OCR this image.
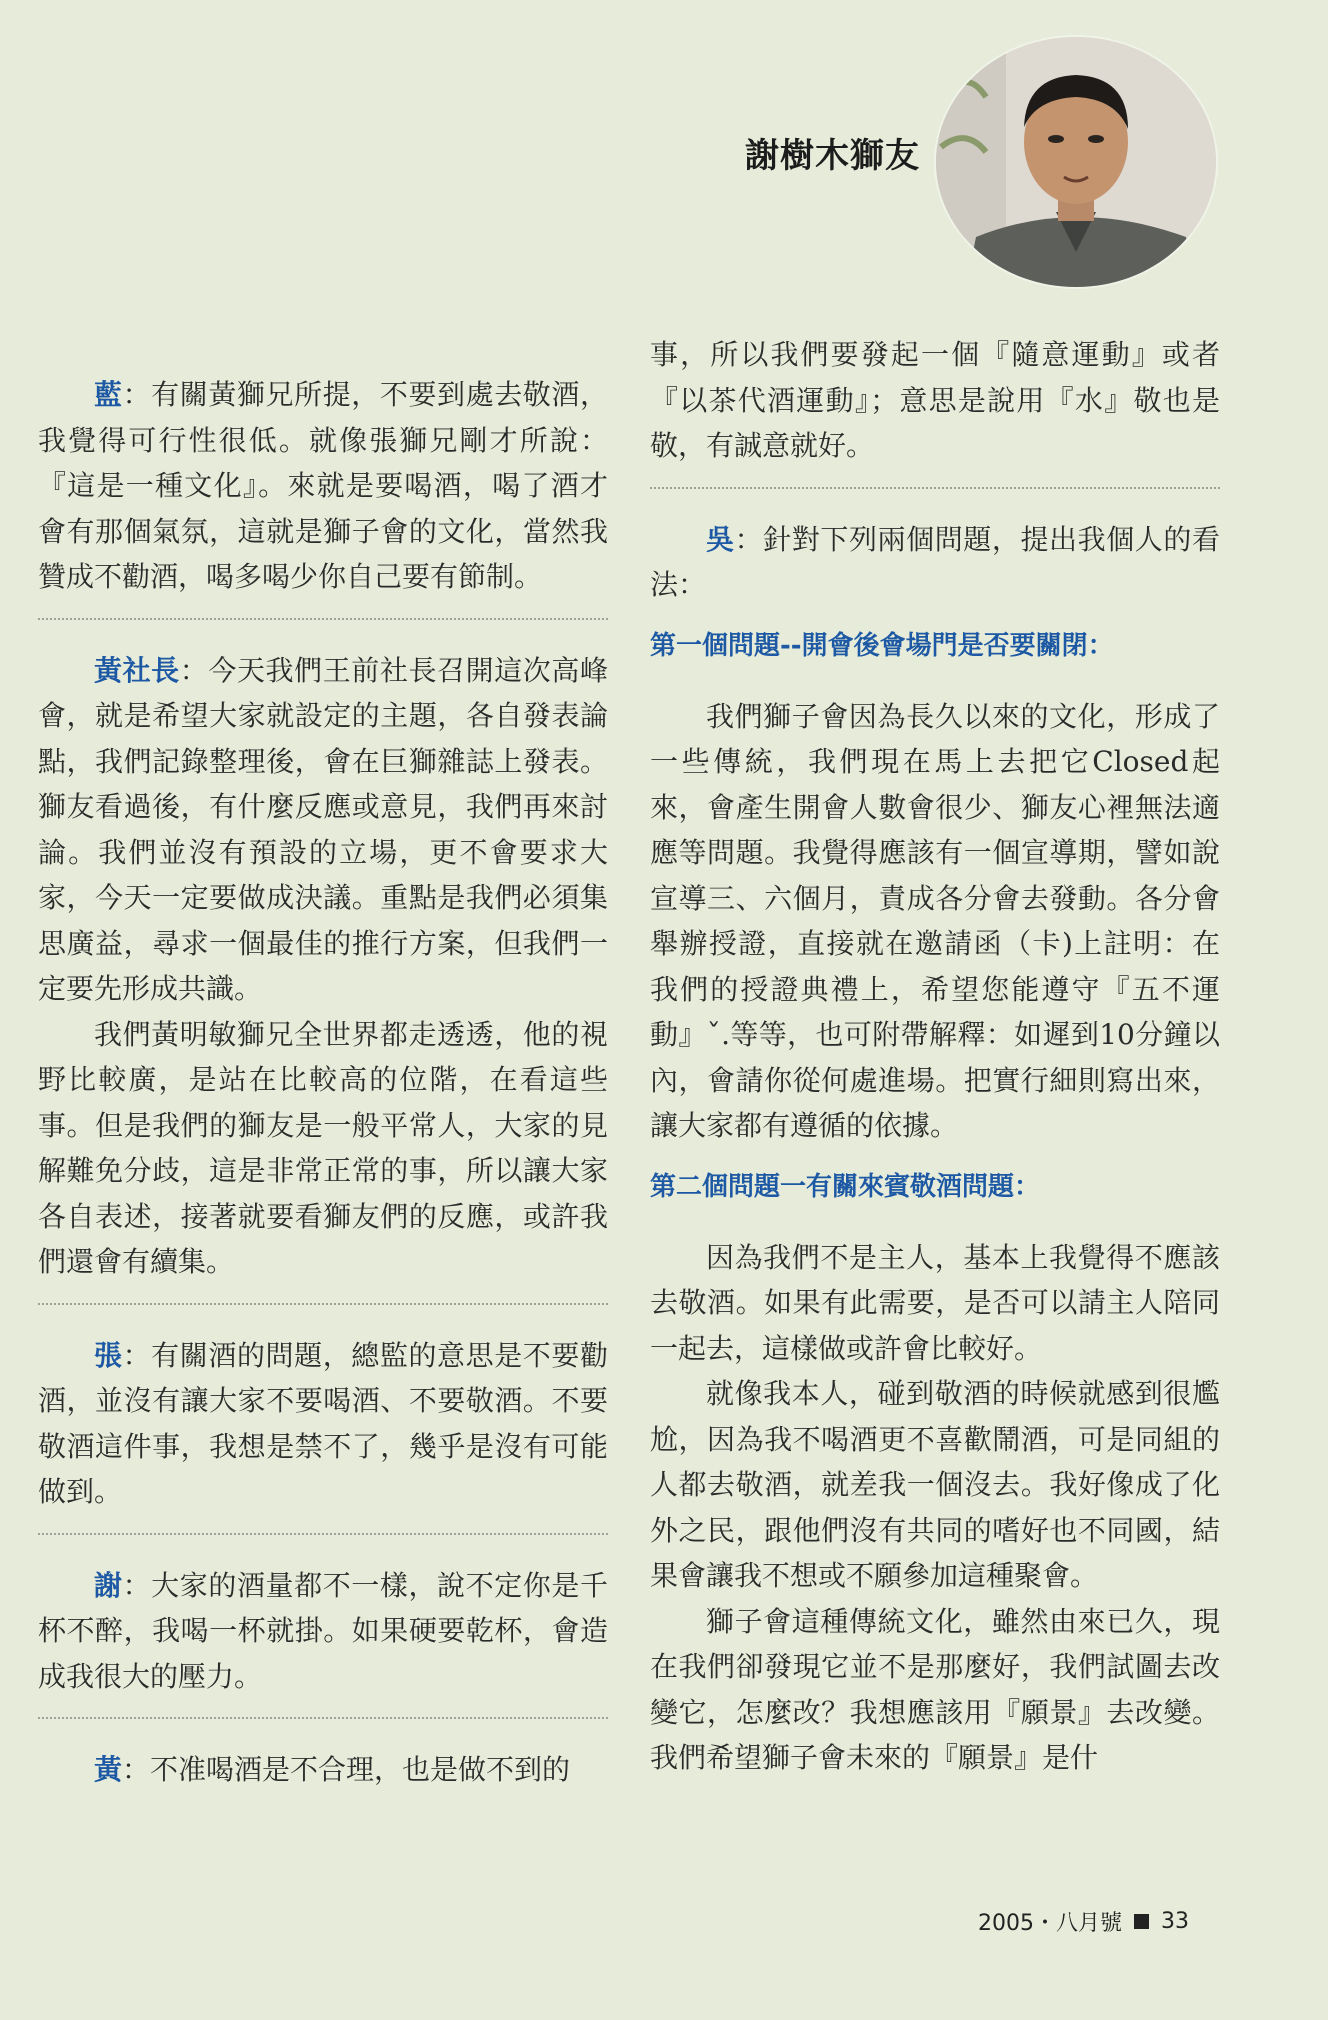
謝樹木獅友

藍：有關黃獅兄所提，不要到處去敬酒，我覺得可行性很低。就像張獅兄剛才所說：『這是一種文化』。來就是要喝酒，喝了酒才會有那個氣氛，這就是獅子會的文化，當然我贊成不勸酒，喝多喝少你自己要有節制。

黃社長：今天我們王前社長召開這次高峰會，就是希望大家就設定的主題，各自發表論點，我們記錄整理後，會在巨獅雜誌上發表。獅友看過後，有什麼反應或意見，我們再來討論。我們並沒有預設的立場，更不會要求大家，今天一定要做成決議。重點是我們必須集思廣益，尋求一個最佳的推行方案，但我們一定要先形成共識。

我們黃明敏獅兄全世界都走透透，他的視野比較廣，是站在比較高的位階，在看這些事。但是我們的獅友是一般平常人，大家的見解難免分歧，這是非常正常的事，所以讓大家各自表述，接著就要看獅友們的反應，或許我們還會有續集。

張：有關酒的問題，總監的意思是不要勸酒，並沒有讓大家不要喝酒、不要敬酒。不要敬酒這件事，我想是禁不了，幾乎是沒有可能做到。

謝：大家的酒量都不一樣，說不定你是千杯不醉，我喝一杯就掛。如果硬要乾杯，會造成我很大的壓力。

黃：不准喝酒是不合理，也是做不到的

事，所以我們要發起一個『隨意運動』或者『以茶代酒運動』；意思是說用『水』敬也是敬，有誠意就好。

吳：針對下列兩個問題，提出我個人的看法：

第一個問題--開會後會場門是否要關閉：

我們獅子會因為長久以來的文化，形成了一些傳統，我們現在馬上去把它Closed起來，會產生開會人數會很少、獅友心裡無法適應等問題。我覺得應該有一個宣導期，譬如說宣導三、六個月，責成各分會去發動。各分會舉辦授證，直接就在邀請函（卡)上註明：在我們的授證典禮上，希望您能遵守『五不運動』ˇ.等等，也可附帶解釋：如遲到10分鐘以內，會請你從何處進場。把實行細則寫出來，讓大家都有遵循的依據。

第二個問題一有關來賓敬酒問題：

因為我們不是主人，基本上我覺得不應該去敬酒。如果有此需要，是否可以請主人陪同一起去，這樣做或許會比較好。

就像我本人，碰到敬酒的時候就感到很尷尬，因為我不喝酒更不喜歡鬧酒，可是同組的人都去敬酒，就差我一個沒去。我好像成了化外之民，跟他們沒有共同的嗜好也不同國，結果會讓我不想或不願參加這種聚會。

獅子會這種傳統文化，雖然由來已久，現在我們卻發現它並不是那麼好，我們試圖去改變它，怎麼改？我想應該用『願景』去改變。我們希望獅子會未來的『願景』是什

2005・八月號 33
